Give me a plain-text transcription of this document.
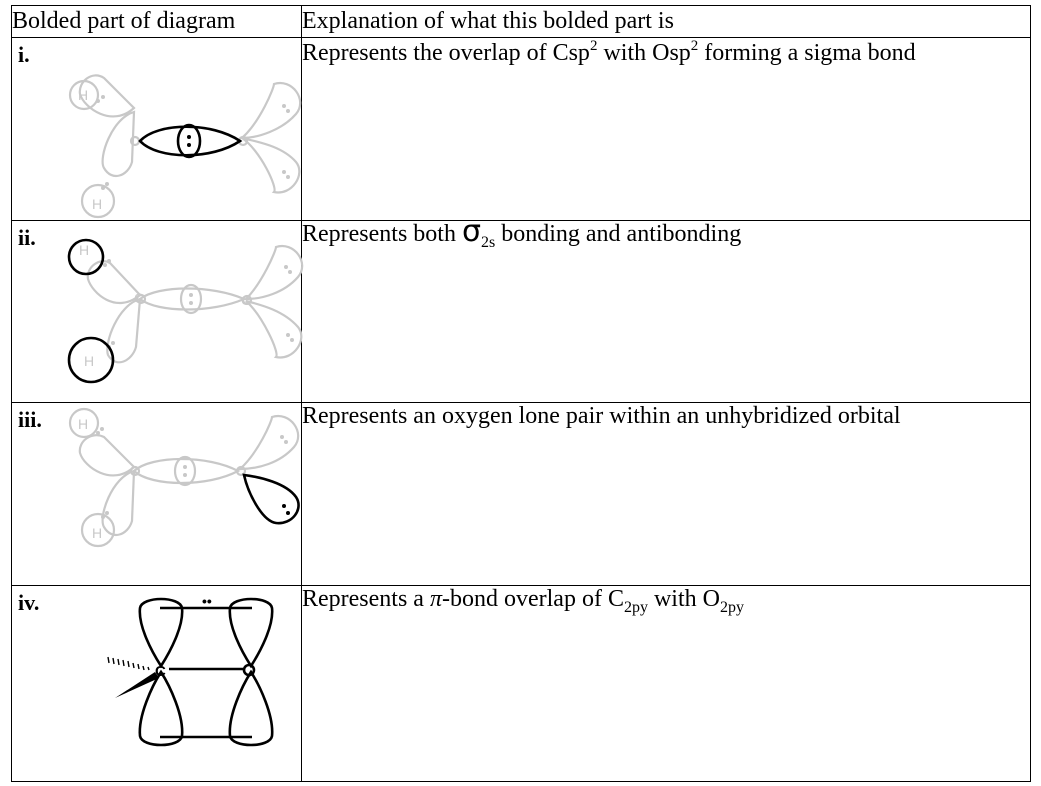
Bolded part of diagram	Explanation of what this bolded part is

i.
H
H	Represents the overlap of Csp$^2$ with Osp$^2$ forming a sigma bond

ii.
C O
H
H	Represents both $\sigma_{2s}$ bonding and antibonding

iii. H
H	Represents an oxygen lone pair within an unhybridized orbital

iv.
C
••	Represents a π-bond overlap of $C_{2py}$ with $O_{2py}$
